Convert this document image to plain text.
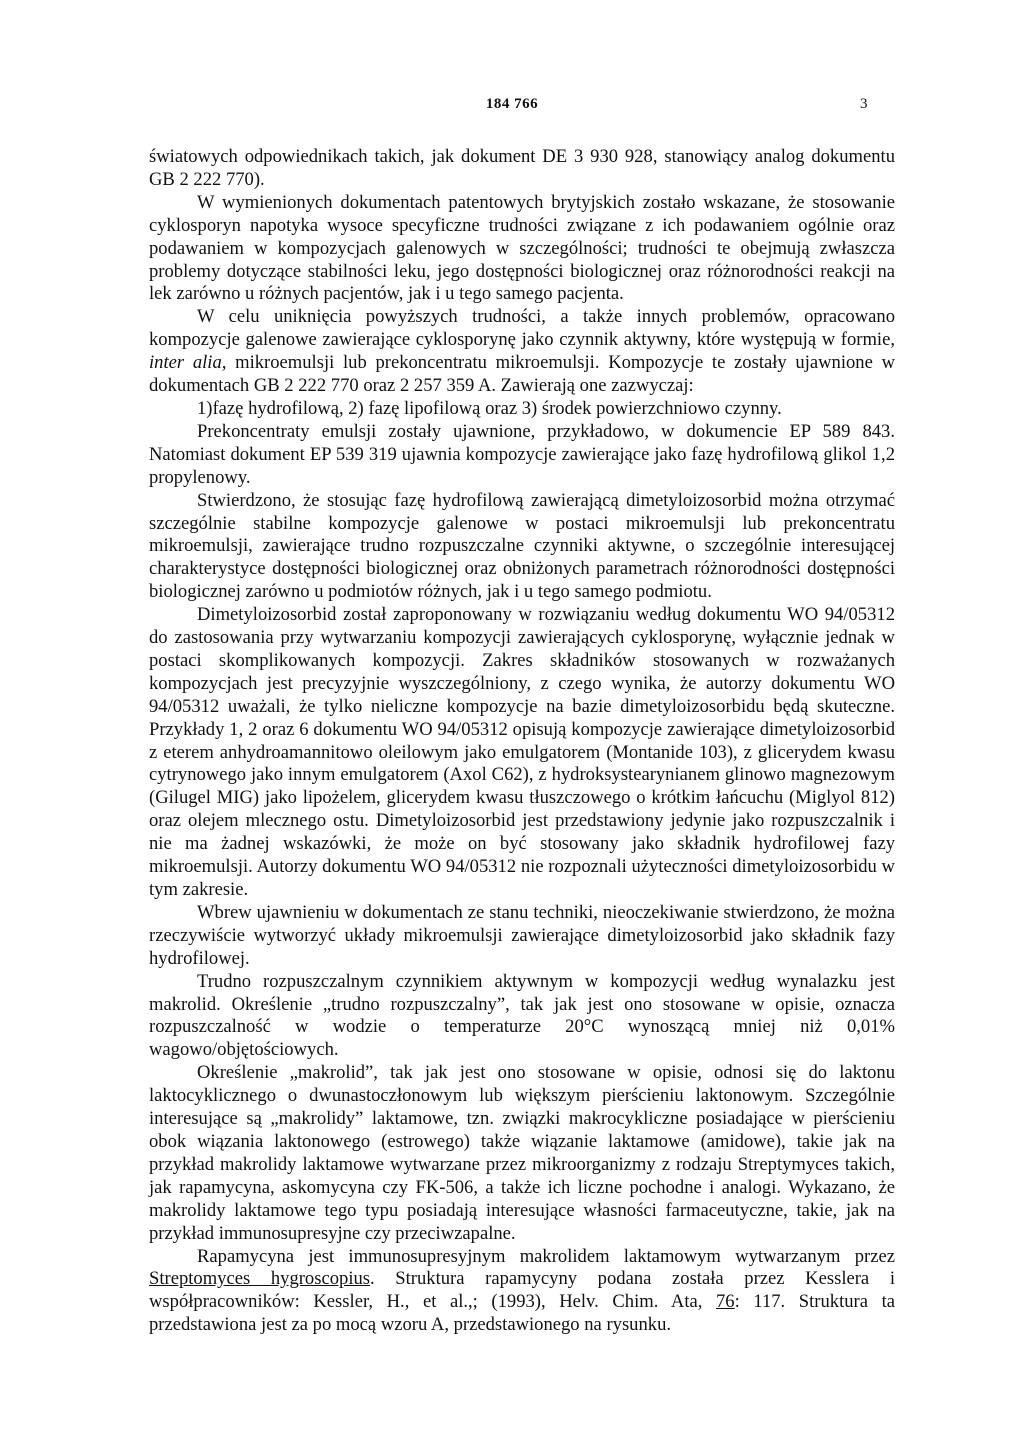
184 766	3

światowych odpowiednikach takich, jak dokument DE 3 930 928, stanowiący analog dokumentu GB 2 222 770).

W wymienionych dokumentach patentowych brytyjskich zostało wskazane, że stosowanie cyklosporyn napotyka wysoce specyficzne trudności związane z ich podawaniem ogólnie oraz podawaniem w kompozycjach galenowych w szczególności; trudności te obejmują zwłaszcza problemy dotyczące stabilności leku, jego dostępności biologicznej oraz różnorodności reakcji na lek zarówno u różnych pacjentów, jak i u tego samego pacjenta.

W celu uniknięcia powyższych trudności, a także innych problemów, opracowano kompozycje galenowe zawierające cyklosporynę jako czynnik aktywny, które występują w formie, inter alia, mikroemulsji lub prekoncentratu mikroemulsji. Kompozycje te zostały ujawnione w dokumentach GB 2 222 770 oraz 2 257 359 A. Zawierają one zazwyczaj:

1)fazę hydrofilową, 2) fazę lipofilową oraz 3) środek powierzchniowo czynny.

Prekoncentraty emulsji zostały ujawnione, przykładowo, w dokumencie EP 589 843. Natomiast dokument EP 539 319 ujawnia kompozycje zawierające jako fazę hydrofilową glikol 1,2 propylenowy.

Stwierdzono, że stosując fazę hydrofilową zawierającą dimetyloizosorbid można otrzymać szczególnie stabilne kompozycje galenowe w postaci mikroemulsji lub prekoncentratu mikroemulsji, zawierające trudno rozpuszczalne czynniki aktywne, o szczególnie interesującej charakterystyce dostępności biologicznej oraz obniżonych parametrach różnorodności dostępności biologicznej zarówno u podmiotów różnych, jak i u tego samego podmiotu.

Dimetyloizosorbid został zaproponowany w rozwiązaniu według dokumentu WO 94/05312 do zastosowania przy wytwarzaniu kompozycji zawierających cyklosporynę, wyłącznie jednak w postaci skomplikowanych kompozycji. Zakres składników stosowanych w rozważanych kompozycjach jest precyzyjnie wyszczególniony, z czego wynika, że autorzy dokumentu WO 94/05312 uważali, że tylko nieliczne kompozycje na bazie dimetyloizosorbidu będą skuteczne. Przykłady 1, 2 oraz 6 dokumentu WO 94/05312 opisują kompozycje zawierające dimetyloizosorbid z eterem anhydroamannitowo oleilowym jako emulgatorem (Montanide 103), z glicerydem kwasu cytrynowego jako innym emulgatorem (Axol C62), z hydroksystearynianem glinowo magnezowym (Gilugel MIG) jako lipożelem, glicerydem kwasu tłuszczowego o krótkim łańcuchu (Miglyol 812) oraz olejem mlecznego ostu. Dimetyloizosorbid jest przedstawiony jedynie jako rozpuszczalnik i nie ma żadnej wskazówki, że może on być stosowany jako składnik hydrofilowej fazy mikroemulsji. Autorzy dokumentu WO 94/05312 nie rozpoznali użyteczności dimetyloizosorbidu w tym zakresie.

Wbrew ujawnieniu w dokumentach ze stanu techniki, nieoczekiwanie stwierdzono, że można rzeczywiście wytworzyć układy mikroemulsji zawierające dimetyloizosorbid jako składnik fazy hydrofilowej.

Trudno rozpuszczalnym czynnikiem aktywnym w kompozycji według wynalazku jest makrolid. Określenie „trudno rozpuszczalny”, tak jak jest ono stosowane w opisie, oznacza rozpuszczalność w wodzie o temperaturze 20°C wynoszącą mniej niż 0,01% wagowo/objętościowych.

Określenie „makrolid”, tak jak jest ono stosowane w opisie, odnosi się do laktonu laktocyklicznego o dwunastoczłonowym lub większym pierścieniu laktonowym. Szczególnie interesujące są „makrolidy” laktamowe, tzn. związki makrocykliczne posiadające w pierścieniu obok wiązania laktonowego (estrowego) także wiązanie laktamowe (amidowe), takie jak na przykład makrolidy laktamowe wytwarzane przez mikroorganizmy z rodzaju Streptymyces takich, jak rapamycyna, askomycyna czy FK-506, a także ich liczne pochodne i analogi. Wykazano, że makrolidy laktamowe tego typu posiadają interesujące własności farmaceutyczne, takie, jak na przykład immunosupresyjne czy przeciwzapalne.

Rapamycyna jest immunosupresyjnym makrolidem laktamowym wytwarzanym przez Streptomyces hygroscopius. Struktura rapamycyny podana została przez Kesslera i współpracowników: Kessler, H., et al.,; (1993), Helv. Chim. Ata, 76: 117. Struktura ta przedstawiona jest za po mocą wzoru A, przedstawionego na rysunku.
